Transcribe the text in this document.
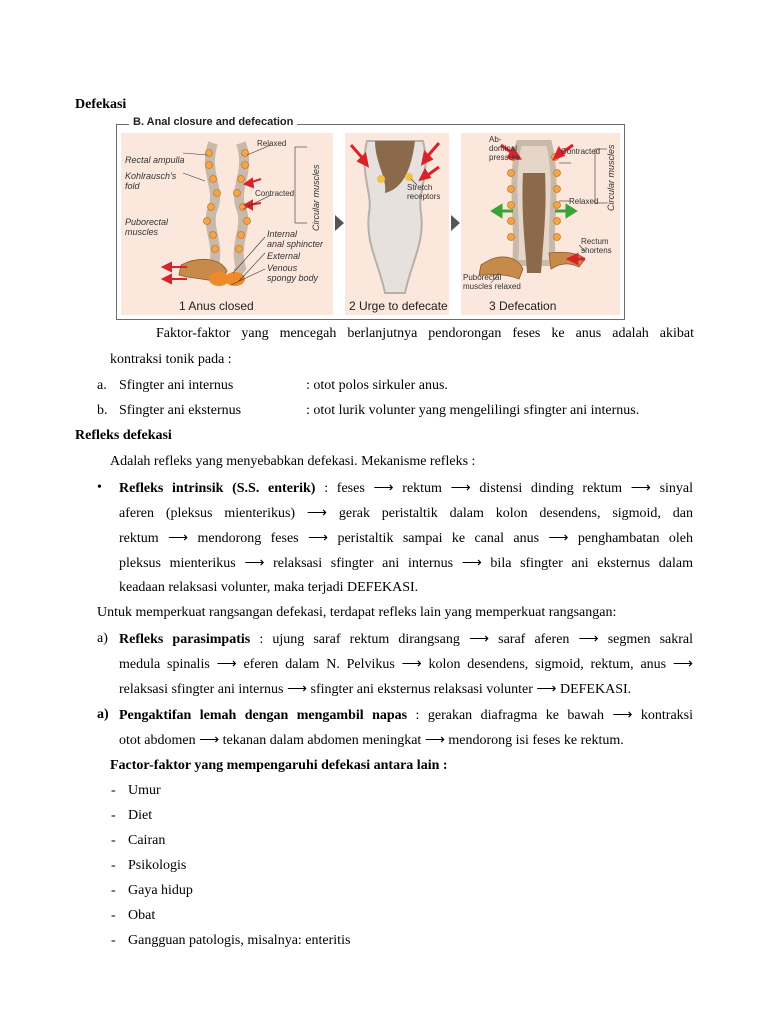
Defekasi
B. Anal closure and defecation
Rectal ampulla
Kohlrausch's
fold
Puborectal
muscles
Relaxed
Contracted Circular muscles
Internal
anal sphincter
External
Venous
spongy body
1 Anus closed
Stretch
receptors
2 Urge to defecate
Ab-
dominal
pressure
Contracted
Relaxed Circular muscles
Rectum
shortens
Puborectal
muscles relaxed
3 Defecation
Faktor-faktor yang mencegah berlanjutnya pendorongan feses ke anus adalah akibat
kontraksi tonik pada :
a. Sfingter ani internus	: otot polos sirkuler anus.
b. Sfingter ani eksternus	: otot lurik volunter yang mengelilingi sfingter ani internus.
Refleks defekasi
Adalah refleks yang menyebabkan defekasi. Mekanisme refleks :
• Refleks intrinsik (S.S. enterik) : feses ⟶ rektum ⟶ distensi dinding rektum ⟶ sinyal
aferen (pleksus mienterikus) ⟶ gerak peristaltik dalam kolon desendens, sigmoid, dan
rektum ⟶ mendorong feses ⟶ peristaltik sampai ke canal anus ⟶ penghambatan oleh
pleksus mienterikus ⟶ relaksasi sfingter ani internus ⟶ bila sfingter ani eksternus dalam
keadaan relaksasi volunter, maka terjadi DEFEKASI.
Untuk memperkuat rangsangan defekasi, terdapat refleks lain yang memperkuat rangsangan:
a) Refleks parasimpatis : ujung saraf rektum dirangsang ⟶ saraf aferen ⟶ segmen sakral
medula spinalis ⟶ eferen dalam N. Pelvikus ⟶ kolon desendens, sigmoid, rektum, anus ⟶
relaksasi sfingter ani internus ⟶ sfingter ani eksternus relaksasi volunter ⟶ DEFEKASI.
a) Pengaktifan lemah dengan mengambil napas : gerakan diafragma ke bawah ⟶ kontraksi
otot abdomen ⟶ tekanan dalam abdomen meningkat ⟶ mendorong isi feses ke rektum.
Factor-faktor yang mempengaruhi defekasi antara lain :
- Umur
- Diet
- Cairan
- Psikologis
- Gaya hidup
- Obat
- Gangguan patologis, misalnya: enteritis
